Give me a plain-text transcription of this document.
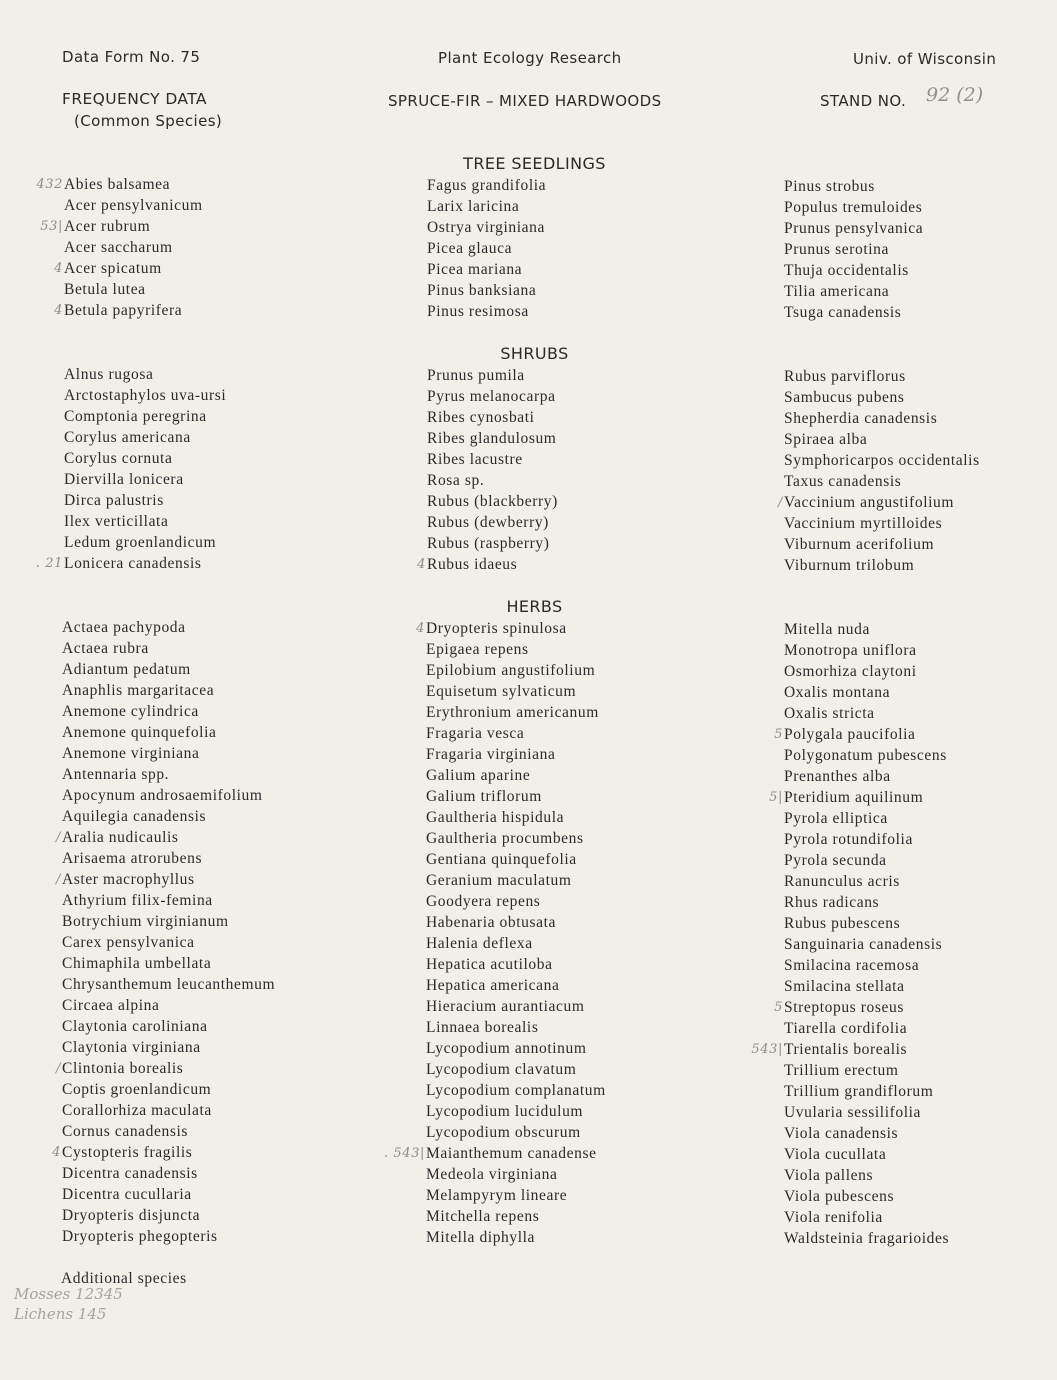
Data Form No. 75	Plant Ecology Research	Univ. of Wisconsin
FREQUENCY DATA
(Common Species)
SPRUCE-FIR – MIXED HARDWOODS	STAND NO. 92 (2)
TREE SEEDLINGS
SHRUBS
HERBS
432 Abies balsamea
Acer pensylvanicum
53| Acer rubrum
Acer saccharum
4 Acer spicatum
Betula lutea
4 Betula papyrifera
Fagus grandifolia
Larix laricina
Ostrya virginiana
Picea glauca
Picea mariana
Pinus banksiana
Pinus resimosa
Pinus strobus
Populus tremuloides
Prunus pensylvanica
Prunus serotina
Thuja occidentalis
Tilia americana
Tsuga canadensis
Alnus rugosa
Arctostaphylos uva-ursi
Comptonia peregrina
Corylus americana
Corylus cornuta
Diervilla lonicera
Dirca palustris
Ilex verticillata
Ledum groenlandicum
. 21 Lonicera canadensis
Prunus pumila
Pyrus melanocarpa
Ribes cynosbati
Ribes glandulosum
Ribes lacustre
Rosa sp.
Rubus (blackberry)
Rubus (dewberry)
Rubus (raspberry)
4 Rubus idaeus
Rubus parviflorus
Sambucus pubens
Shepherdia canadensis
Spiraea alba
Symphoricarpos occidentalis
Taxus canadensis
/ Vaccinium angustifolium
Vaccinium myrtilloides
Viburnum acerifolium
Viburnum trilobum
Actaea pachypoda
Actaea rubra
Adiantum pedatum
Anaphlis margaritacea
Anemone cylindrica
Anemone quinquefolia
Anemone virginiana
Antennaria spp.
Apocynum androsaemifolium
Aquilegia canadensis
/ Aralia nudicaulis
Arisaema atrorubens
/ Aster macrophyllus
Athyrium filix-femina
Botrychium virginianum
Carex pensylvanica
Chimaphila umbellata
Chrysanthemum leucanthemum
Circaea alpina
Claytonia caroliniana
Claytonia virginiana
/ Clintonia borealis
Coptis groenlandicum
Corallorhiza maculata
Cornus canadensis
4 Cystopteris fragilis
Dicentra canadensis
Dicentra cucullaria
Dryopteris disjuncta
Dryopteris phegopteris
4 Dryopteris spinulosa
Epigaea repens
Epilobium angustifolium
Equisetum sylvaticum
Erythronium americanum
Fragaria vesca
Fragaria virginiana
Galium aparine
Galium triflorum
Gaultheria hispidula
Gaultheria procumbens
Gentiana quinquefolia
Geranium maculatum
Goodyera repens
Habenaria obtusata
Halenia deflexa
Hepatica acutiloba
Hepatica americana
Hieracium aurantiacum
Linnaea borealis
Lycopodium annotinum
Lycopodium clavatum
Lycopodium complanatum
Lycopodium lucidulum
Lycopodium obscurum
. 543| Maianthemum canadense
Medeola virginiana
Melampyrym lineare
Mitchella repens
Mitella diphylla
Mitella nuda
Monotropa uniflora
Osmorhiza claytoni
Oxalis montana
Oxalis stricta
5 Polygala paucifolia
Polygonatum pubescens
Prenanthes alba
5| Pteridium aquilinum
Pyrola elliptica
Pyrola rotundifolia
Pyrola secunda
Ranunculus acris
Rhus radicans
Rubus pubescens
Sanguinaria canadensis
Smilacina racemosa
Smilacina stellata
5 Streptopus roseus
Tiarella cordifolia
543| Trientalis borealis
Trillium erectum
Trillium grandiflorum
Uvularia sessilifolia
Viola canadensis
Viola cucullata
Viola pallens
Viola pubescens
Viola renifolia
Waldsteinia fragarioides
Additional species
Mosses 12345
Lichens 145
